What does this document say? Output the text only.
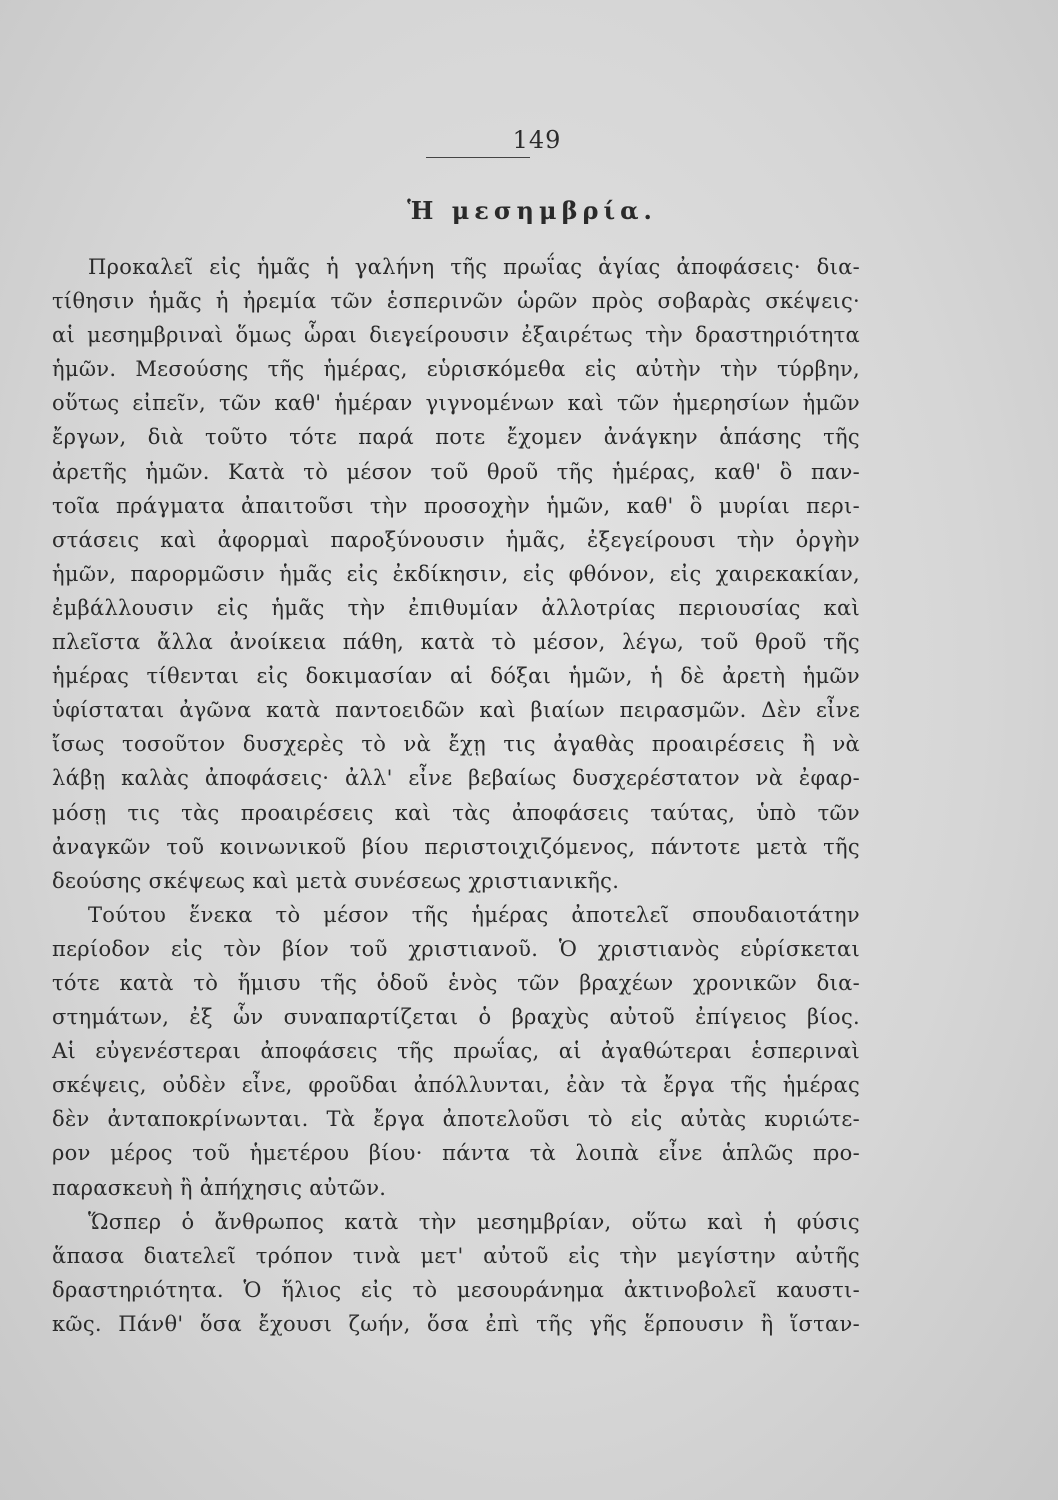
149
Ἡ μεσημβρία.
Προκαλεῖ εἰς ἡμᾶς ἡ γαλήνη τῆς πρωΐας ἁγίας ἀποφάσεις· δια-
τίθησιν ἡμᾶς ἡ ἠρεμία τῶν ἑσπερινῶν ὡρῶν πρὸς σοβαρὰς σκέψεις·
αἱ μεσημβριναὶ ὅμως ὧραι διεγείρουσιν ἐξαιρέτως τὴν δραστηριότητα
ἡμῶν. Μεσούσης τῆς ἡμέρας, εὑρισκόμεθα εἰς αὐτὴν τὴν τύρβην,
οὕτως εἰπεῖν, τῶν καθ' ἡμέραν γιγνομένων καὶ τῶν ἡμερησίων ἡμῶν
ἔργων, διὰ τοῦτο τότε παρά ποτε ἔχομεν ἀνάγκην ἁπάσης τῆς
ἀρετῆς ἡμῶν. Κατὰ τὸ μέσον τοῦ θροῦ τῆς ἡμέρας, καθ' ὃ παν-
τοῖα πράγματα ἀπαιτοῦσι τὴν προσοχὴν ἡμῶν, καθ' ὃ μυρίαι περι-
στάσεις καὶ ἀφορμαὶ παροξύνουσιν ἡμᾶς, ἐξεγείρουσι τὴν ὀργὴν
ἡμῶν, παρορμῶσιν ἡμᾶς εἰς ἐκδίκησιν, εἰς φθόνον, εἰς χαιρεκακίαν,
ἐμβάλλουσιν εἰς ἡμᾶς τὴν ἐπιθυμίαν ἀλλοτρίας περιουσίας καὶ
πλεῖστα ἄλλα ἀνοίκεια πάθη, κατὰ τὸ μέσον, λέγω, τοῦ θροῦ τῆς
ἡμέρας τίθενται εἰς δοκιμασίαν αἱ δόξαι ἡμῶν, ἡ δὲ ἀρετὴ ἡμῶν
ὑφίσταται ἀγῶνα κατὰ παντοειδῶν καὶ βιαίων πειρασμῶν. Δὲν εἶνε
ἴσως τοσοῦτον δυσχερὲς τὸ νὰ ἔχῃ τις ἀγαθὰς προαιρέσεις ἢ νὰ
λάβῃ καλὰς ἀποφάσεις· ἀλλ' εἶνε βεβαίως δυσχερέστατον νὰ ἐφαρ-
μόσῃ τις τὰς προαιρέσεις καὶ τὰς ἀποφάσεις ταύτας, ὑπὸ τῶν
ἀναγκῶν τοῦ κοινωνικοῦ βίου περιστοιχιζόμενος, πάντοτε μετὰ τῆς
δεούσης σκέψεως καὶ μετὰ συνέσεως χριστιανικῆς.
Τούτου ἕνεκα τὸ μέσον τῆς ἡμέρας ἀποτελεῖ σπουδαιοτάτην
περίοδον εἰς τὸν βίον τοῦ χριστιανοῦ. Ὁ χριστιανὸς εὑρίσκεται
τότε κατὰ τὸ ἥμισυ τῆς ὁδοῦ ἑνὸς τῶν βραχέων χρονικῶν δια-
στημάτων, ἐξ ὧν συναπαρτίζεται ὁ βραχὺς αὐτοῦ ἐπίγειος βίος.
Αἱ εὐγενέστεραι ἀποφάσεις τῆς πρωΐας, αἱ ἀγαθώτεραι ἑσπεριναὶ
σκέψεις, οὐδὲν εἶνε, φροῦδαι ἀπόλλυνται, ἐὰν τὰ ἔργα τῆς ἡμέρας
δὲν ἀνταποκρίνωνται. Τὰ ἔργα ἀποτελοῦσι τὸ εἰς αὐτὰς κυριώτε-
ρον μέρος τοῦ ἡμετέρου βίου· πάντα τὰ λοιπὰ εἶνε ἁπλῶς προ-
παρασκευὴ ἢ ἀπήχησις αὐτῶν.
Ὥσπερ ὁ ἄνθρωπος κατὰ τὴν μεσημβρίαν, οὕτω καὶ ἡ φύσις
ἅπασα διατελεῖ τρόπον τινὰ μετ' αὐτοῦ εἰς τὴν μεγίστην αὐτῆς
δραστηριότητα. Ὁ ἥλιος εἰς τὸ μεσουράνημα ἀκτινοβολεῖ καυστι-
κῶς. Πάνθ' ὅσα ἔχουσι ζωήν, ὅσα ἐπὶ τῆς γῆς ἕρπουσιν ἢ ἵσταν-
